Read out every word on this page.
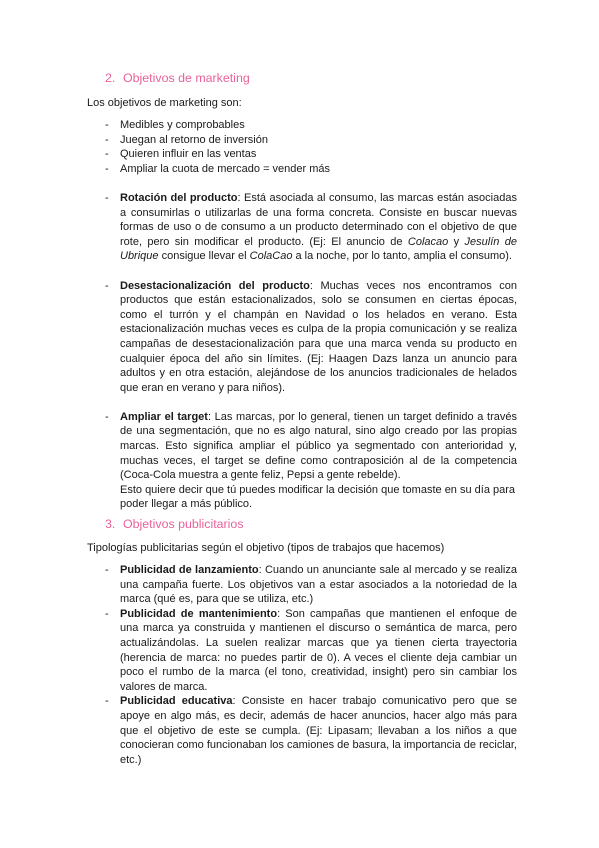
2. Objetivos de marketing
Los objetivos de marketing son:
- Medibles y comprobables
- Juegan al retorno de inversión
- Quieren influir en las ventas
- Ampliar la cuota de mercado = vender más
- Rotación del producto: Está asociada al consumo, las marcas están asociadas a consumirlas o utilizarlas de una forma concreta. Consiste en buscar nuevas formas de uso o de consumo a un producto determinado con el objetivo de que rote, pero sin modificar el producto. (Ej: El anuncio de Colacao y Jesulín de Ubrique consigue llevar el ColaCao a la noche, por lo tanto, amplia el consumo).
- Desestacionalización del producto: Muchas veces nos encontramos con productos que están estacionalizados, solo se consumen en ciertas épocas, como el turrón y el champán en Navidad o los helados en verano. Esta estacionalización muchas veces es culpa de la propia comunicación y se realiza campañas de desestacionalización para que una marca venda su producto en cualquier época del año sin límites. (Ej: Haagen Dazs lanza un anuncio para adultos y en otra estación, alejándose de los anuncios tradicionales de helados que eran en verano y para niños).
- Ampliar el target: Las marcas, por lo general, tienen un target definido a través de una segmentación, que no es algo natural, sino algo creado por las propias marcas. Esto significa ampliar el público ya segmentado con anterioridad y, muchas veces, el target se define como contraposición al de la competencia (Coca-Cola muestra a gente feliz, Pepsi a gente rebelde).
Esto quiere decir que tú puedes modificar la decisión que tomaste en su día para poder llegar a más público.
3. Objetivos publicitarios
Tipologías publicitarias según el objetivo (tipos de trabajos que hacemos)
- Publicidad de lanzamiento: Cuando un anunciante sale al mercado y se realiza una campaña fuerte. Los objetivos van a estar asociados a la notoriedad de la marca (qué es, para que se utiliza, etc.)
- Publicidad de mantenimiento: Son campañas que mantienen el enfoque de una marca ya construida y mantienen el discurso o semántica de marca, pero actualizándolas. La suelen realizar marcas que ya tienen cierta trayectoria (herencia de marca: no puedes partir de 0). A veces el cliente deja cambiar un poco el rumbo de la marca (el tono, creatividad, insight) pero sin cambiar los valores de marca.
- Publicidad educativa: Consiste en hacer trabajo comunicativo pero que se apoye en algo más, es decir, además de hacer anuncios, hacer algo más para que el objetivo de este se cumpla. (Ej: Lipasam; llevaban a los niños a que conocieran como funcionaban los camiones de basura, la importancia de reciclar, etc.)
